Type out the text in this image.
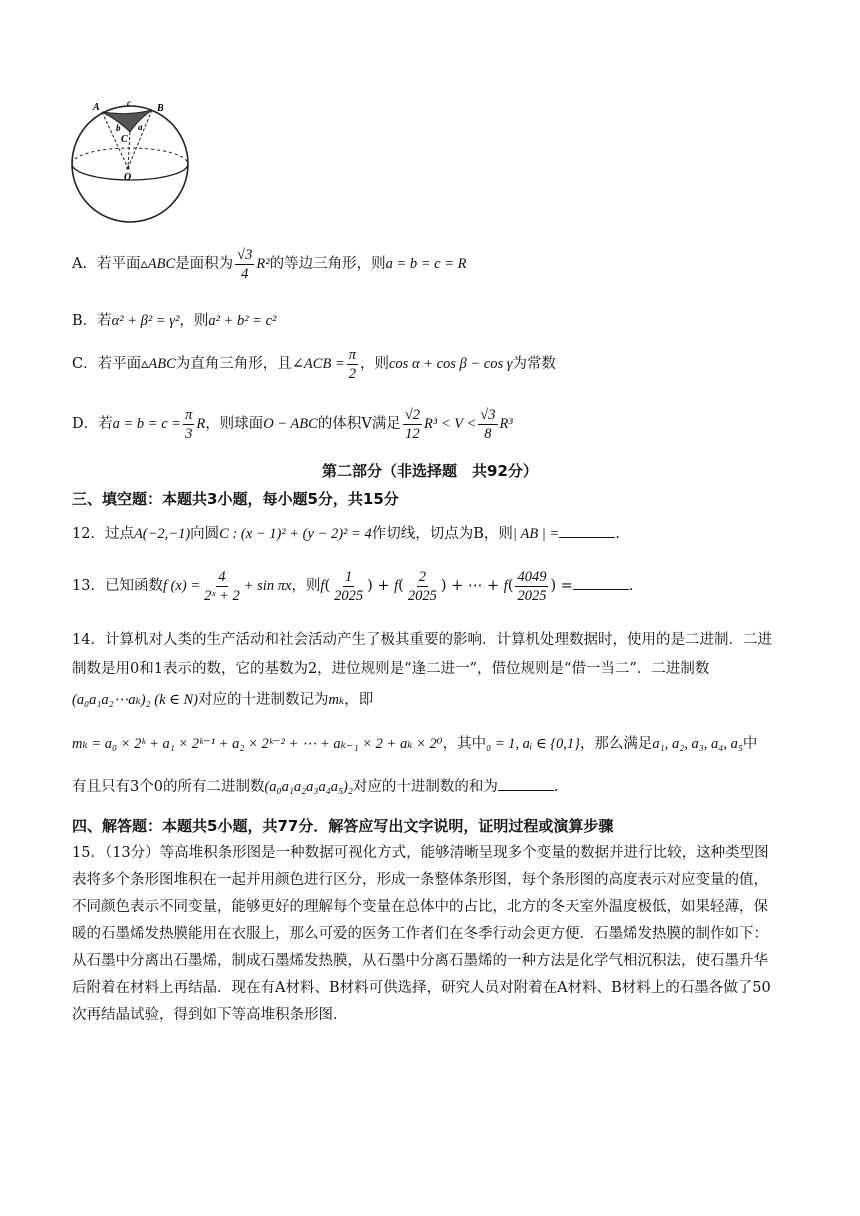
A	c	B
b a
C
O
A．若平面▵ABC是面积为 $\frac{√3}{4} R^2$的等边三角形，则a = b = c = R
B．若α² + β² = γ²，则a² + b² = c²
C．若平面▵ABC为直角三角形，且∠ACB = $\frac{\pi}{2}$ ，则cos α + cos β − cos γ为常数
D．若$a = b = c = \frac{\pi}{3}$ R，则球面O − ABC的体积V满足 $\frac{√2}{12} R^3 < V < \frac{√3}{8} R^3$
第二部分（非选择题　共92分）
三、填空题：本题共3小题，每小题5分，共15分
12．过点A(−2,−1)向圆C : (x − 1)² + (y − 2)² = 4作切线，切点为B，则| AB | =	.
13．已知函数f $(x) = \frac{4}{\text{2ˣ + 2}} + \sin \pi x$，则$f( \frac{1}{2025}$ ) + $f( \frac{2}{2025}$ ) + ⋯ + $f( \frac{4049}{2025}$ ) =	.
14．计算机对人类的生产活动和社会活动产生了极其重要的影响．计算机处理数据时，使用的是二进制．二进
制数是用0和1表示的数，它的基数为2，进位规则是“逢二进一”，借位规则是“借一当二”．二进制数
(a₀a₁a₂⋯aₖ)₂ (k ∈ N)对应的十进制数记为mₖ，即
mₖ = a₀ × 2ᵏ + a₁ × 2ᵏ⁻¹ + a₂ × 2ᵏ⁻² + ⋯ + aₖ₋₁ × 2 + aₖ × 2⁰，其中₀ = 1, aᵢ ∈ {0,1}，那么满足a₁, a₂, a₃, a₄, a₅中
有且只有3个0的所有二进制数(a₀a₁a₂a₃a₄a₅)₂对应的十进制数的和为	.
四、解答题：本题共5小题，共77分．解答应写出文字说明，证明过程或演算步骤
15．（13分）等高堆积条形图是一种数据可视化方式，能够清晰呈现多个变量的数据并进行比较，这种类型图
表将多个条形图堆积在一起并用颜色进行区分，形成一条整体条形图，每个条形图的高度表示对应变量的值，
不同颜色表示不同变量，能够更好的理解每个变量在总体中的占比，北方的冬天室外温度极低，如果轻薄，保
暖的石墨烯发热膜能用在衣服上，那么可爱的医务工作者们在冬季行动会更方便．石墨烯发热膜的制作如下：
从石墨中分离出石墨烯，制成石墨烯发热膜，从石墨中分离石墨烯的一种方法是化学气相沉积法，使石墨升华
后附着在材料上再结晶．现在有A材料、B材料可供选择，研究人员对附着在A材料、B材料上的石墨各做了50
次再结晶试验，得到如下等高堆积条形图．
